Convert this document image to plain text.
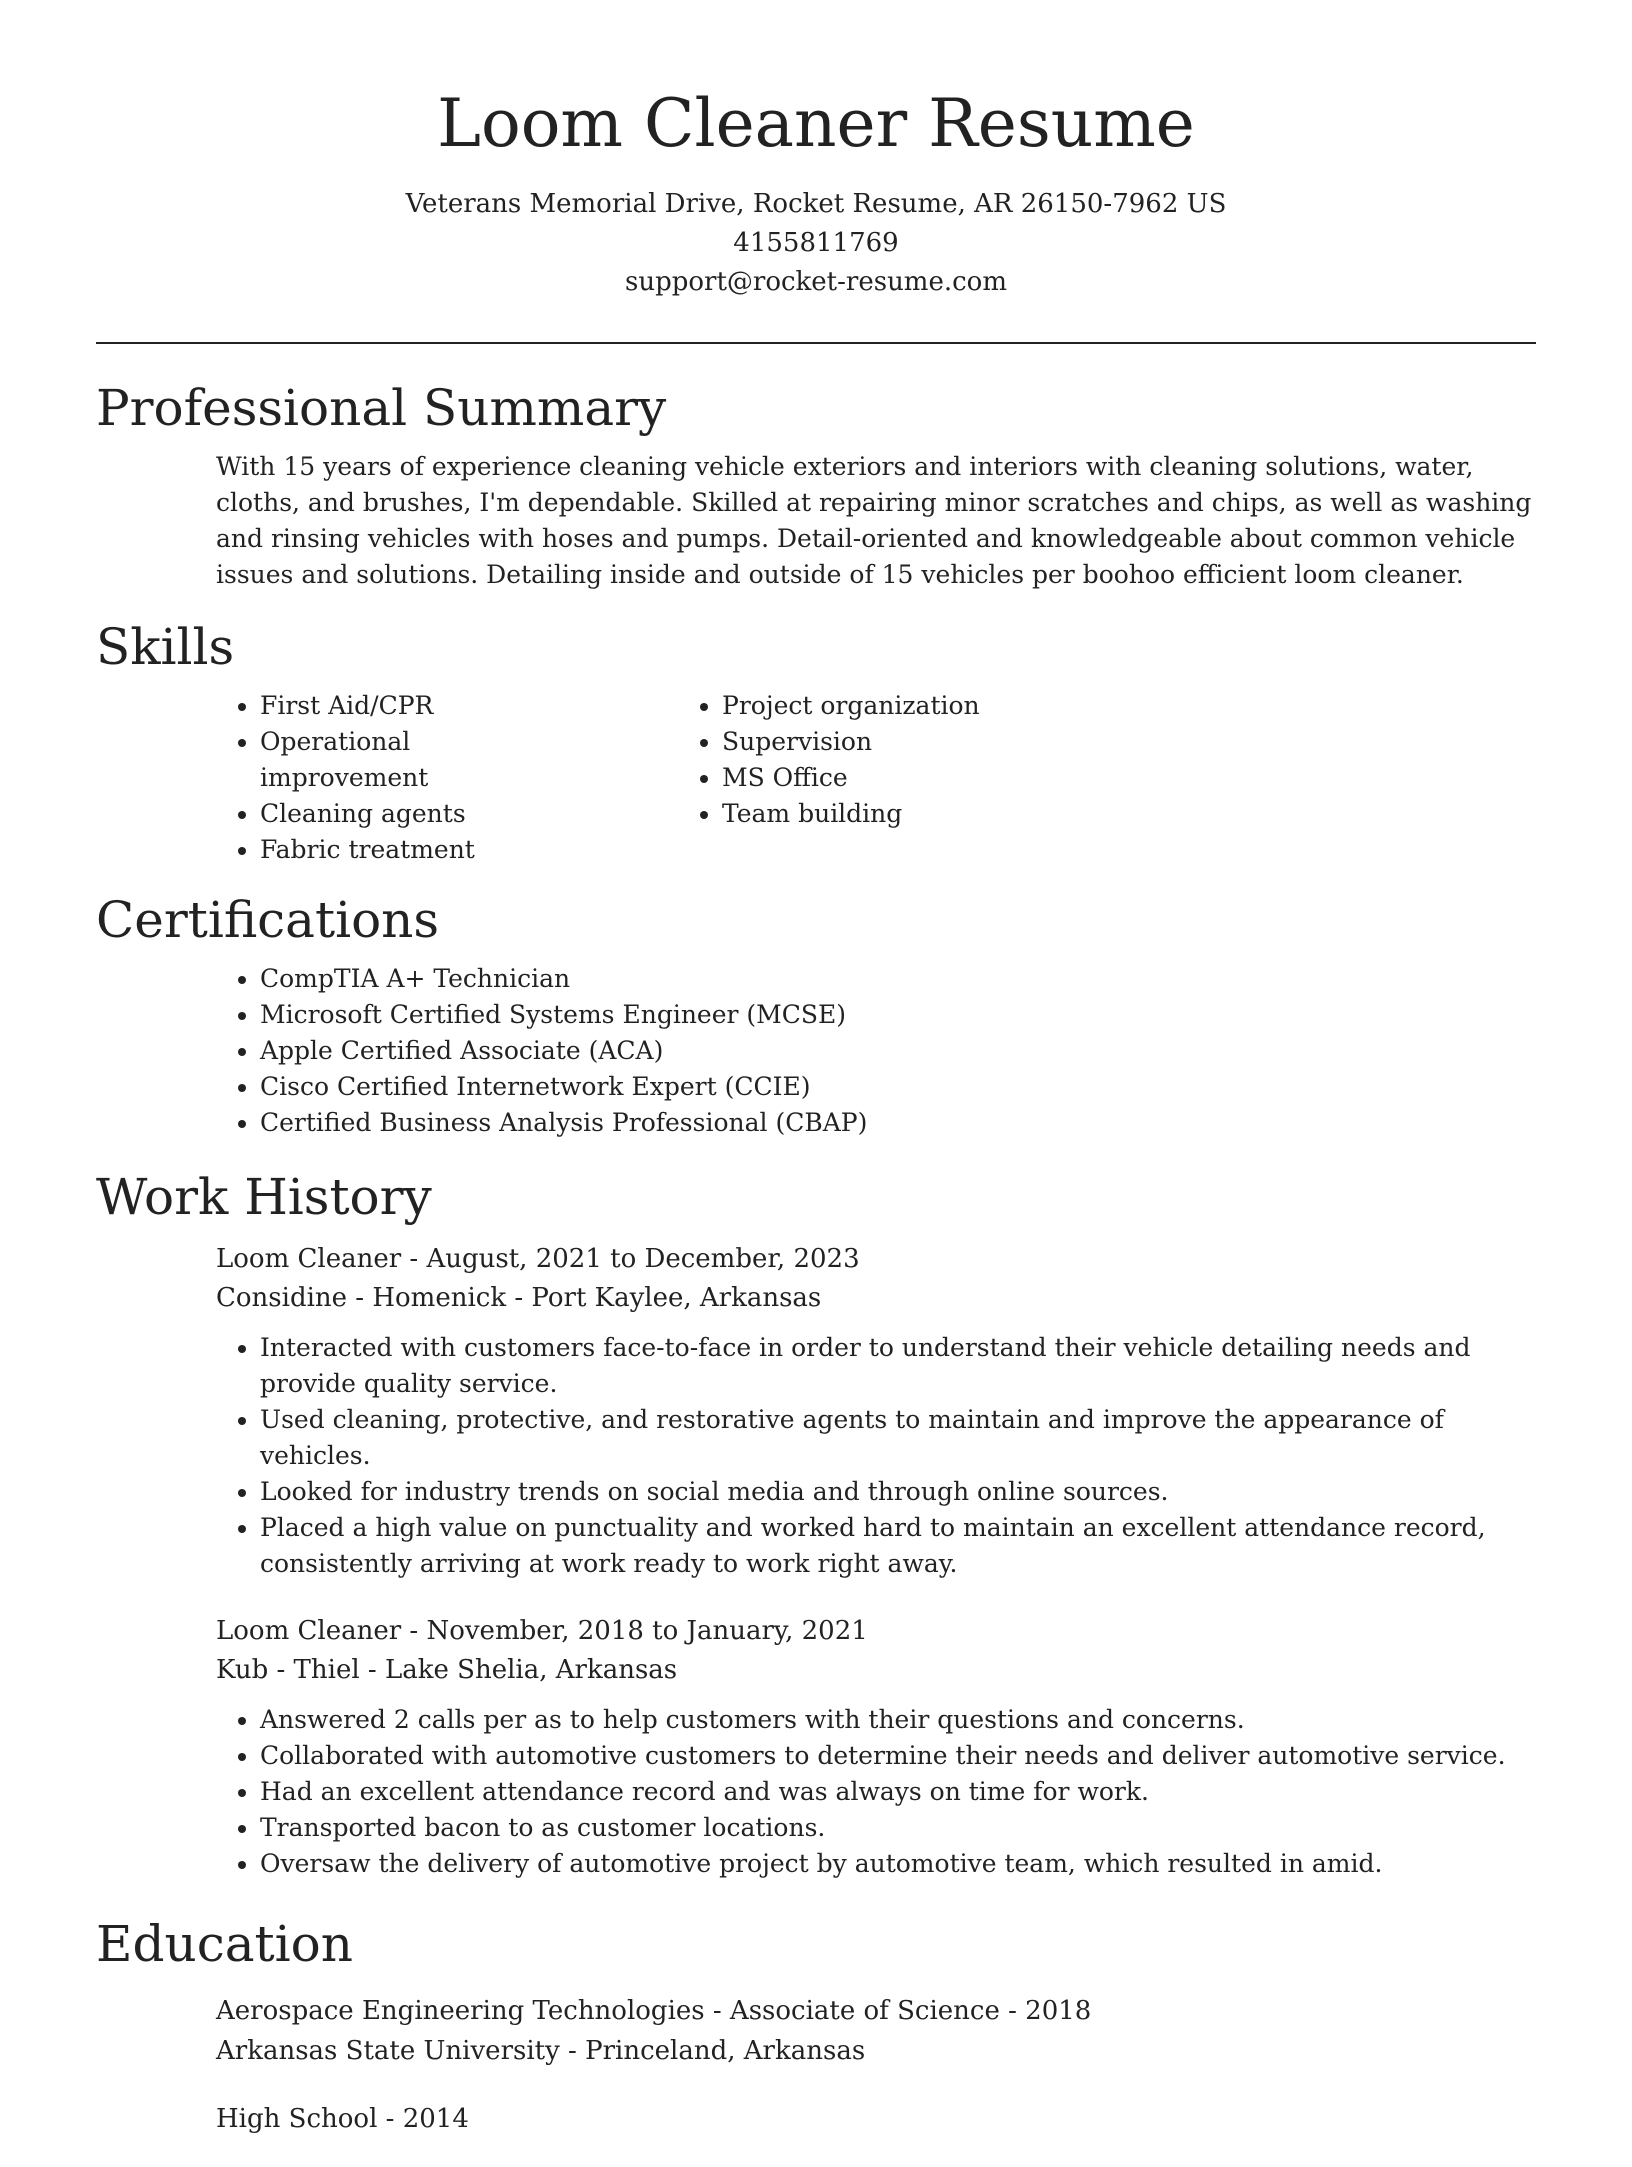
Loom Cleaner Resume
Veterans Memorial Drive, Rocket Resume, AR 26150-7962 US
4155811769
support@rocket-resume.com
Professional Summary

With 15 years of experience cleaning vehicle exteriors and interiors with cleaning solutions, water, cloths, and brushes, I'm dependable. Skilled at repairing minor scratches and chips, as well as washing and rinsing vehicles with hoses and pumps. Detail-oriented and knowledgeable about common vehicle issues and solutions. Detailing inside and outside of 15 vehicles per boohoo efficient loom cleaner.

Skills
• First Aid/CPR
• Operational improvement
• Cleaning agents
• Fabric treatment
• Project organization
• Supervision
• MS Office
• Team building
Certifications
• CompTIA A+ Technician
• Microsoft Certified Systems Engineer (MCSE)
• Apple Certified Associate (ACA)
• Cisco Certified Internetwork Expert (CCIE)
• Certified Business Analysis Professional (CBAP)
Work History
Loom Cleaner - August, 2021 to December, 2023
Considine - Homenick - Port Kaylee, Arkansas
• Interacted with customers face-to-face in order to understand their vehicle detailing needs and provide quality service.
• Used cleaning, protective, and restorative agents to maintain and improve the appearance of vehicles.
• Looked for industry trends on social media and through online sources.
• Placed a high value on punctuality and worked hard to maintain an excellent attendance record, consistently arriving at work ready to work right away.
Loom Cleaner - November, 2018 to January, 2021
Kub - Thiel - Lake Shelia, Arkansas
• Answered 2 calls per as to help customers with their questions and concerns.
• Collaborated with automotive customers to determine their needs and deliver automotive service.
• Had an excellent attendance record and was always on time for work.
• Transported bacon to as customer locations.
• Oversaw the delivery of automotive project by automotive team, which resulted in amid.
Education
Aerospace Engineering Technologies - Associate of Science - 2018
Arkansas State University - Princeland, Arkansas
High School - 2014
